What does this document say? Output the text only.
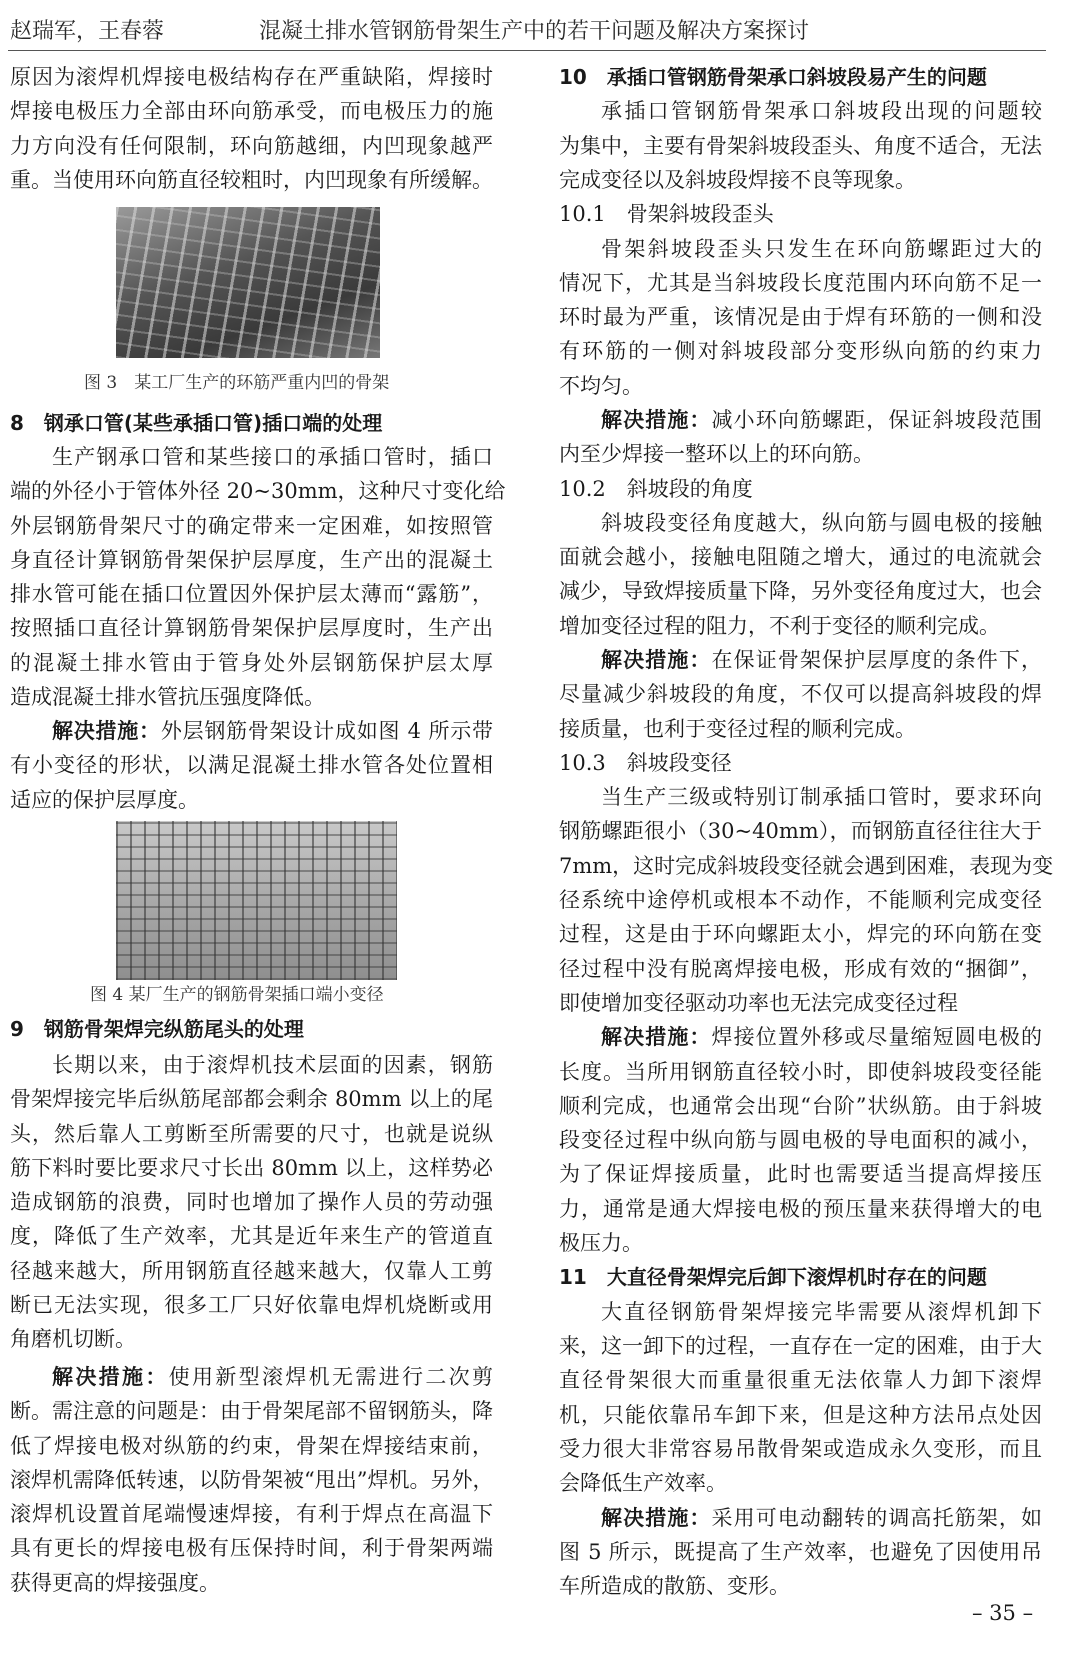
赵瑞军，王春蓉	混凝土排水管钢筋骨架生产中的若干问题及解决方案探讨
原因为滚焊机焊接电极结构存在严重缺陷，焊接时
焊接电极压力全部由环向筋承受，而电极压力的施
力方向没有任何限制，环向筋越细，内凹现象越严
重。当使用环向筋直径较粗时，内凹现象有所缓解。
图 3　某工厂生产的环筋严重内凹的骨架
8　钢承口管(某些承插口管)插口端的处理
生产钢承口管和某些接口的承插口管时，插口
端的外径小于管体外径 20~30mm，这种尺寸变化给
外层钢筋骨架尺寸的确定带来一定困难，如按照管
身直径计算钢筋骨架保护层厚度，生产出的混凝土
排水管可能在插口位置因外保护层太薄而“露筋”，
按照插口直径计算钢筋骨架保护层厚度时，生产出
的混凝土排水管由于管身处外层钢筋保护层太厚
造成混凝土排水管抗压强度降低。
解决措施：外层钢筋骨架设计成如图 4 所示带
有小变径的形状，以满足混凝土排水管各处位置相
适应的保护层厚度。
图 4 某厂生产的钢筋骨架插口端小变径
9　钢筋骨架焊完纵筋尾头的处理
长期以来，由于滚焊机技术层面的因素，钢筋
骨架焊接完毕后纵筋尾部都会剩余 80mm 以上的尾
头，然后靠人工剪断至所需要的尺寸，也就是说纵
筋下料时要比要求尺寸长出 80mm 以上，这样势必
造成钢筋的浪费，同时也增加了操作人员的劳动强
度，降低了生产效率，尤其是近年来生产的管道直
径越来越大，所用钢筋直径越来越大，仅靠人工剪
断已无法实现，很多工厂只好依靠电焊机烧断或用
角磨机切断。
解决措施：使用新型滚焊机无需进行二次剪
断。需注意的问题是：由于骨架尾部不留钢筋头，降
低了焊接电极对纵筋的约束，骨架在焊接结束前，
滚焊机需降低转速，以防骨架被“甩出”焊机。另外，
滚焊机设置首尾端慢速焊接，有利于焊点在高温下
具有更长的焊接电极有压保持时间，利于骨架两端
获得更高的焊接强度。
10　承插口管钢筋骨架承口斜坡段易产生的问题
承插口管钢筋骨架承口斜坡段出现的问题较
为集中，主要有骨架斜坡段歪头、角度不适合，无法
完成变径以及斜坡段焊接不良等现象。
10.1　骨架斜坡段歪头
骨架斜坡段歪头只发生在环向筋螺距过大的
情况下，尤其是当斜坡段长度范围内环向筋不足一
环时最为严重，该情况是由于焊有环筋的一侧和没
有环筋的一侧对斜坡段部分变形纵向筋的约束力
不均匀。
解决措施：减小环向筋螺距，保证斜坡段范围
内至少焊接一整环以上的环向筋。
10.2　斜坡段的角度
斜坡段变径角度越大，纵向筋与圆电极的接触
面就会越小，接触电阻随之增大，通过的电流就会
减少，导致焊接质量下降，另外变径角度过大，也会
增加变径过程的阻力，不利于变径的顺利完成。
解决措施：在保证骨架保护层厚度的条件下，
尽量减少斜坡段的角度，不仅可以提高斜坡段的焊
接质量，也利于变径过程的顺利完成。
10.3　斜坡段变径
当生产三级或特别订制承插口管时，要求环向
钢筋螺距很小（30~40mm），而钢筋直径往往大于
7mm，这时完成斜坡段变径就会遇到困难，表现为变
径系统中途停机或根本不动作，不能顺利完成变径
过程，这是由于环向螺距太小，焊完的环向筋在变
径过程中没有脱离焊接电极，形成有效的“捆御”，
即使增加变径驱动功率也无法完成变径过程
解决措施：焊接位置外移或尽量缩短圆电极的
长度。当所用钢筋直径较小时，即使斜坡段变径能
顺利完成，也通常会出现“台阶”状纵筋。由于斜坡
段变径过程中纵向筋与圆电极的导电面积的减小，
为了保证焊接质量，此时也需要适当提高焊接压
力，通常是通大焊接电极的预压量来获得增大的电
极压力。
11　大直径骨架焊完后卸下滚焊机时存在的问题
大直径钢筋骨架焊接完毕需要从滚焊机卸下
来，这一卸下的过程，一直存在一定的困难，由于大
直径骨架很大而重量很重无法依靠人力卸下滚焊
机，只能依靠吊车卸下来，但是这种方法吊点处因
受力很大非常容易吊散骨架或造成永久变形，而且
会降低生产效率。
解决措施：采用可电动翻转的调高托筋架，如
图 5 所示，既提高了生产效率，也避免了因使用吊
车所造成的散筋、变形。
– 35 –
